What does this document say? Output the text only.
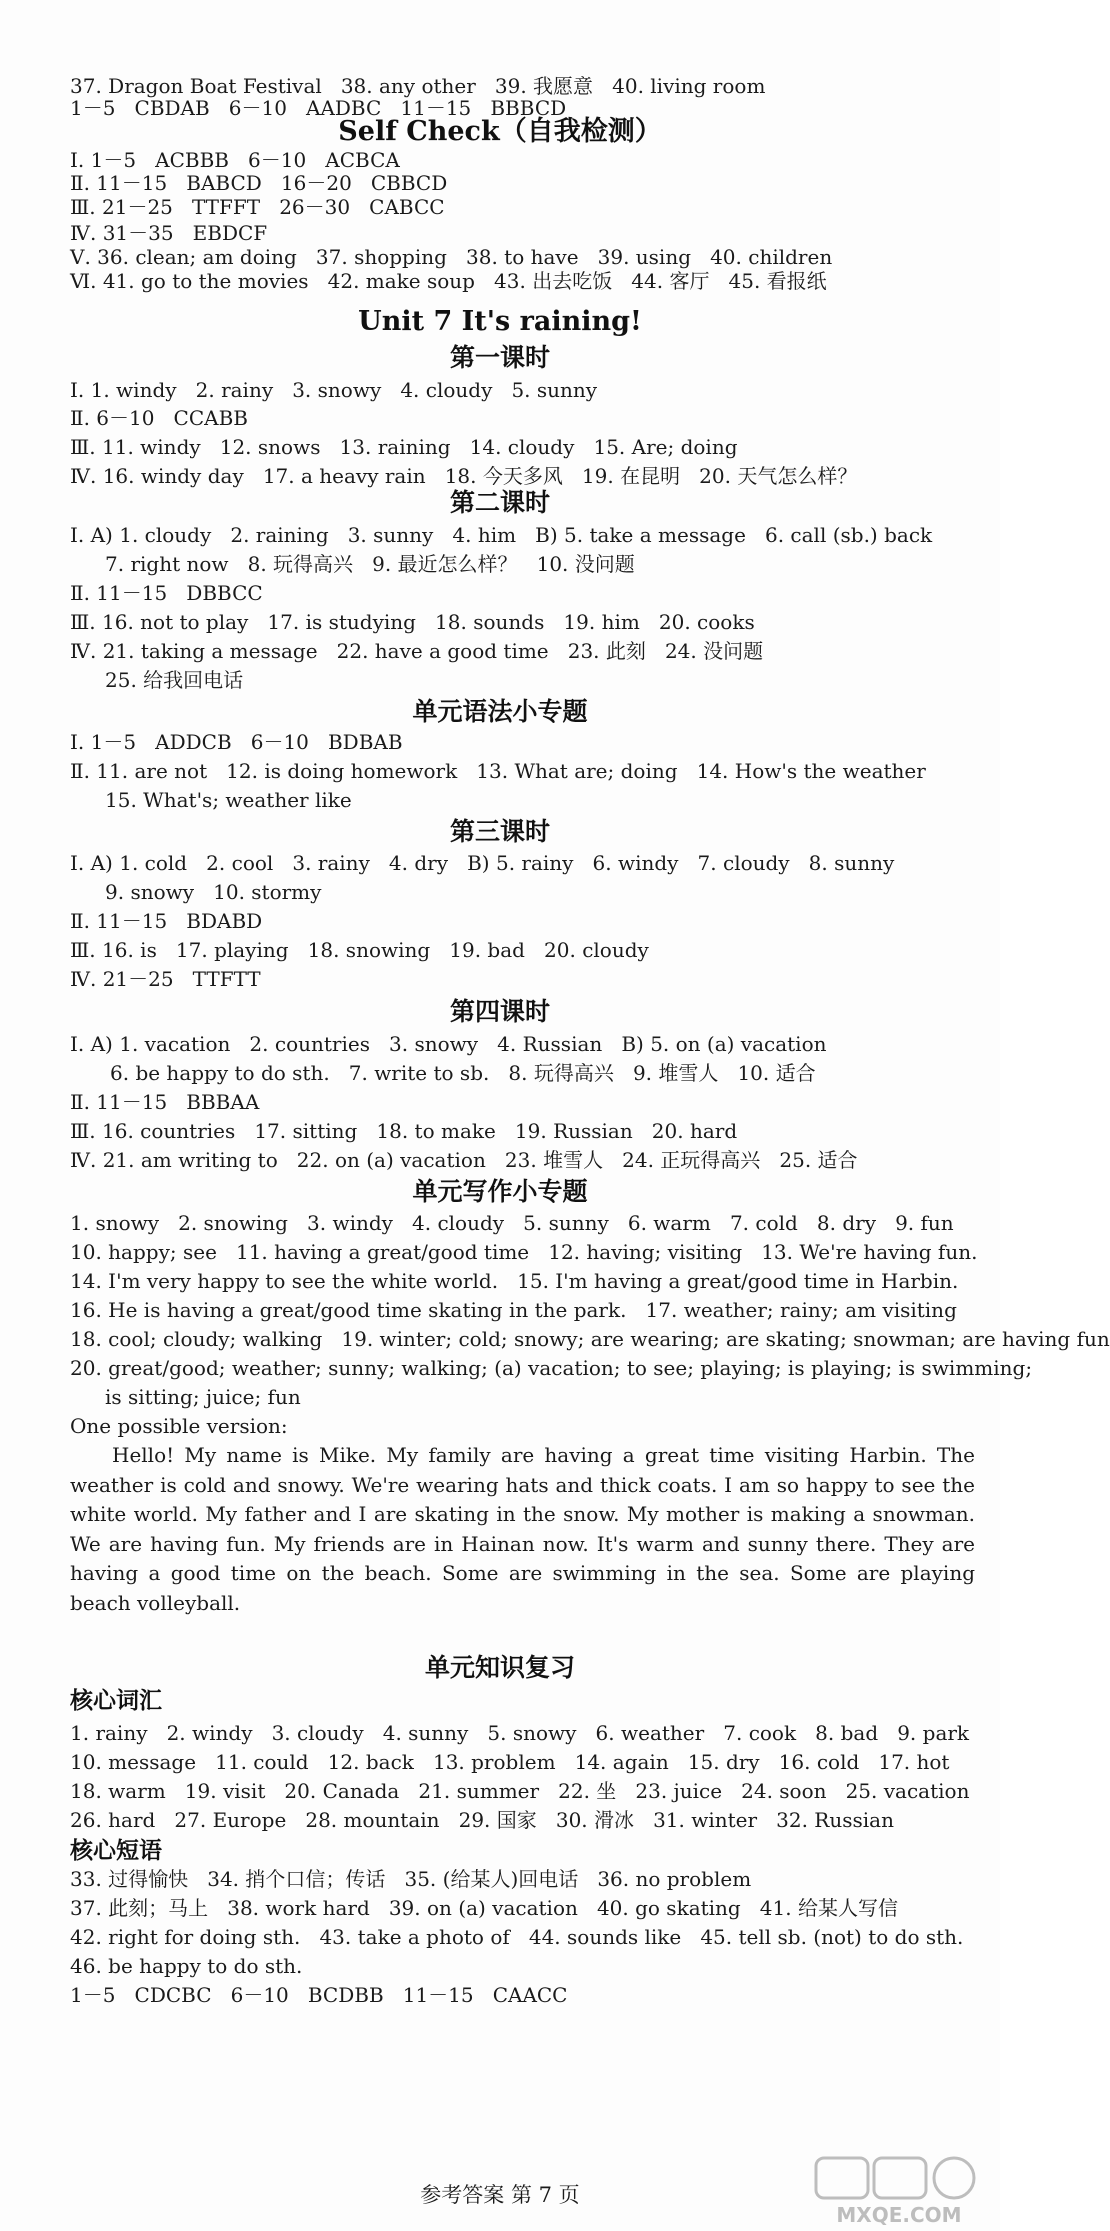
37. Dragon Boat Festival   38. any other   39. 我愿意   40. living room
1－5   CBDAB   6－10   AADBC   11－15   BBBCD
Self Check（自我检测）
Ⅰ. 1－5   ACBBB   6－10   ACBCA
Ⅱ. 11－15   BABCD   16－20   CBBCD
Ⅲ. 21－25   TTFFT   26－30   CABCC
Ⅳ. 31－35   EBDCF
Ⅴ. 36. clean; am doing   37. shopping   38. to have   39. using   40. children
Ⅵ. 41. go to the movies   42. make soup   43. 出去吃饭   44. 客厅   45. 看报纸
Unit 7 It's raining!
第一课时
Ⅰ. 1. windy   2. rainy   3. snowy   4. cloudy   5. sunny
Ⅱ. 6－10   CCABB
Ⅲ. 11. windy   12. snows   13. raining   14. cloudy   15. Are; doing
Ⅳ. 16. windy day   17. a heavy rain   18. 今天多风   19. 在昆明   20. 天气怎么样？
第二课时
Ⅰ. A) 1. cloudy   2. raining   3. sunny   4. him   B) 5. take a message   6. call (sb.) back
7. right now   8. 玩得高兴   9. 最近怎么样？   10. 没问题
Ⅱ. 11－15   DBBCC
Ⅲ. 16. not to play   17. is studying   18. sounds   19. him   20. cooks
Ⅳ. 21. taking a message   22. have a good time   23. 此刻   24. 没问题
25. 给我回电话
单元语法小专题
Ⅰ. 1－5   ADDCB   6－10   BDBAB
Ⅱ. 11. are not   12. is doing homework   13. What are; doing   14. How's the weather
15. What's; weather like
第三课时
Ⅰ. A) 1. cold   2. cool   3. rainy   4. dry   B) 5. rainy   6. windy   7. cloudy   8. sunny
9. snowy   10. stormy
Ⅱ. 11－15   BDABD
Ⅲ. 16. is   17. playing   18. snowing   19. bad   20. cloudy
Ⅳ. 21－25   TTFTT
第四课时
Ⅰ. A) 1. vacation   2. countries   3. snowy   4. Russian   B) 5. on (a) vacation
6. be happy to do sth.   7. write to sb.   8. 玩得高兴   9. 堆雪人   10. 适合
Ⅱ. 11－15   BBBAA
Ⅲ. 16. countries   17. sitting   18. to make   19. Russian   20. hard
Ⅳ. 21. am writing to   22. on (a) vacation   23. 堆雪人   24. 正玩得高兴   25. 适合
单元写作小专题
1. snowy   2. snowing   3. windy   4. cloudy   5. sunny   6. warm   7. cold   8. dry   9. fun
10. happy; see   11. having a great/good time   12. having; visiting   13. We're having fun.
14. I'm very happy to see the white world.   15. I'm having a great/good time in Harbin.
16. He is having a great/good time skating in the park.   17. weather; rainy; am visiting
18. cool; cloudy; walking   19. winter; cold; snowy; are wearing; are skating; snowman; are having fun
20. great/good; weather; sunny; walking; (a) vacation; to see; playing; is playing; is swimming;
is sitting; juice; fun
One possible version:
Hello! My name is Mike. My family are having a great time visiting Harbin. The weather is cold and snowy. We're wearing hats and thick coats. I am so happy to see the white world. My father and I are skating in the snow. My mother is making a snowman. We are having fun. My friends are in Hainan now. It's warm and sunny there. They are having a good time on the beach. Some are swimming in the sea. Some are playing beach volleyball.
单元知识复习
核心词汇
1. rainy   2. windy   3. cloudy   4. sunny   5. snowy   6. weather   7. cook   8. bad   9. park
10. message   11. could   12. back   13. problem   14. again   15. dry   16. cold   17. hot
18. warm   19. visit   20. Canada   21. summer   22. 坐   23. juice   24. soon   25. vacation
26. hard   27. Europe   28. mountain   29. 国家   30. 滑冰   31. winter   32. Russian
核心短语
33. 过得愉快   34. 捎个口信；传话   35. (给某人)回电话   36. no problem
37. 此刻；马上   38. work hard   39. on (a) vacation   40. go skating   41. 给某人写信
42. right for doing sth.   43. take a photo of   44. sounds like   45. tell sb. (not) to do sth.
46. be happy to do sth.
1－5   CDCBC   6－10   BCDBB   11－15   CAACC
参考答案 第 7 页
MXQE.COM
